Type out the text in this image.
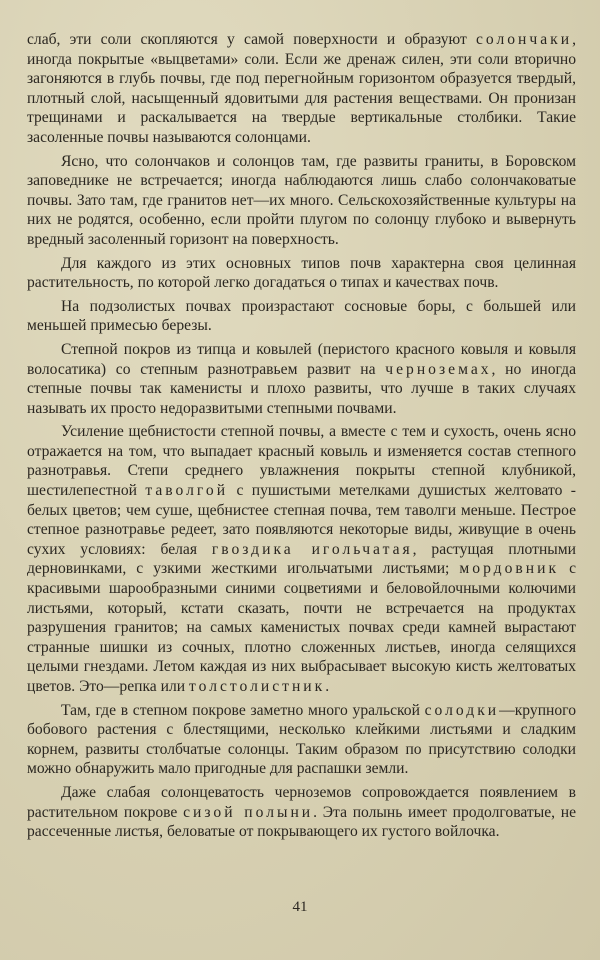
слаб, эти соли скопляются у самой поверхности и образуют солончаки, иногда покрытые «выцветами» соли. Если же дренаж силен, эти соли вторично загоняются в глубь почвы, где под перегнойным горизонтом образуется твердый, плотный слой, насыщенный ядовитыми для растения веществами. Он пронизан трещинами и раскалывается на твердые вертикальные столбики. Такие засоленные почвы называются солонцами.

Ясно, что солончаков и солонцов там, где развиты граниты, в Боровском заповеднике не встречается; иногда наблюдаются лишь слабо солончаковатые почвы. Зато там, где гранитов нет—их много. Сельскохозяйственные культуры на них не родятся, особенно, если пройти плугом по солонцу глубоко и вывернуть вредный засоленный горизонт на поверхность.

Для каждого из этих основных типов почв характерна своя целинная растительность, по которой легко догадаться о типах и качествах почв.

На подзолистых почвах произрастают сосновые боры, с большей или меньшей примесью березы.

Степной покров из типца и ковылей (перистого красного ковыля и ковыля волосатика) со степным разнотравьем развит на черноземах, но иногда степные почвы так каменисты и плохо развиты, что лучше в таких случаях называть их просто недоразвитыми степными почвами.

Усиление щебнистости степной почвы, а вместе с тем и сухость, очень ясно отражается на том, что выпадает красный ковыль и изменяется состав степного разнотравья. Степи среднего увлажнения покрыты степной клубникой, шестилепестной таволгой с пушистыми метелками душистых желтовато - белых цветов; чем суше, щебнистее степная почва, тем таволги меньше. Пестрое степное разнотравье редеет, зато появляются некоторые виды, живущие в очень сухих условиях: белая гвоздика игольчатая, растущая плотными дерновинками, с узкими жесткими игольчатыми листьями; мордовник с красивыми шарообразными синими соцветиями и беловойлочными колючими листьями, который, кстати сказать, почти не встречается на продуктах разрушения гранитов; на самых каменистых почвах среди камней вырастают странные шишки из сочных, плотно сложенных листьев, иногда селящихся целыми гнездами. Летом каждая из них выбрасывает высокую кисть желтоватых цветов. Это—репка или толстолистник.

Там, где в степном покрове заметно много уральской солодки—крупного бобового растения с блестящими, несколько клейкими листьями и сладким корнем, развиты столбчатые солонцы. Таким образом по присутствию солодки можно обнаружить мало пригодные для распашки земли.

Даже слабая солонцеватость черноземов сопровождается появлением в растительном покрове сизой полыни. Эта полынь имеет продолговатые, не рассеченные листья, беловатые от покрывающего их густого войлочка.

41
